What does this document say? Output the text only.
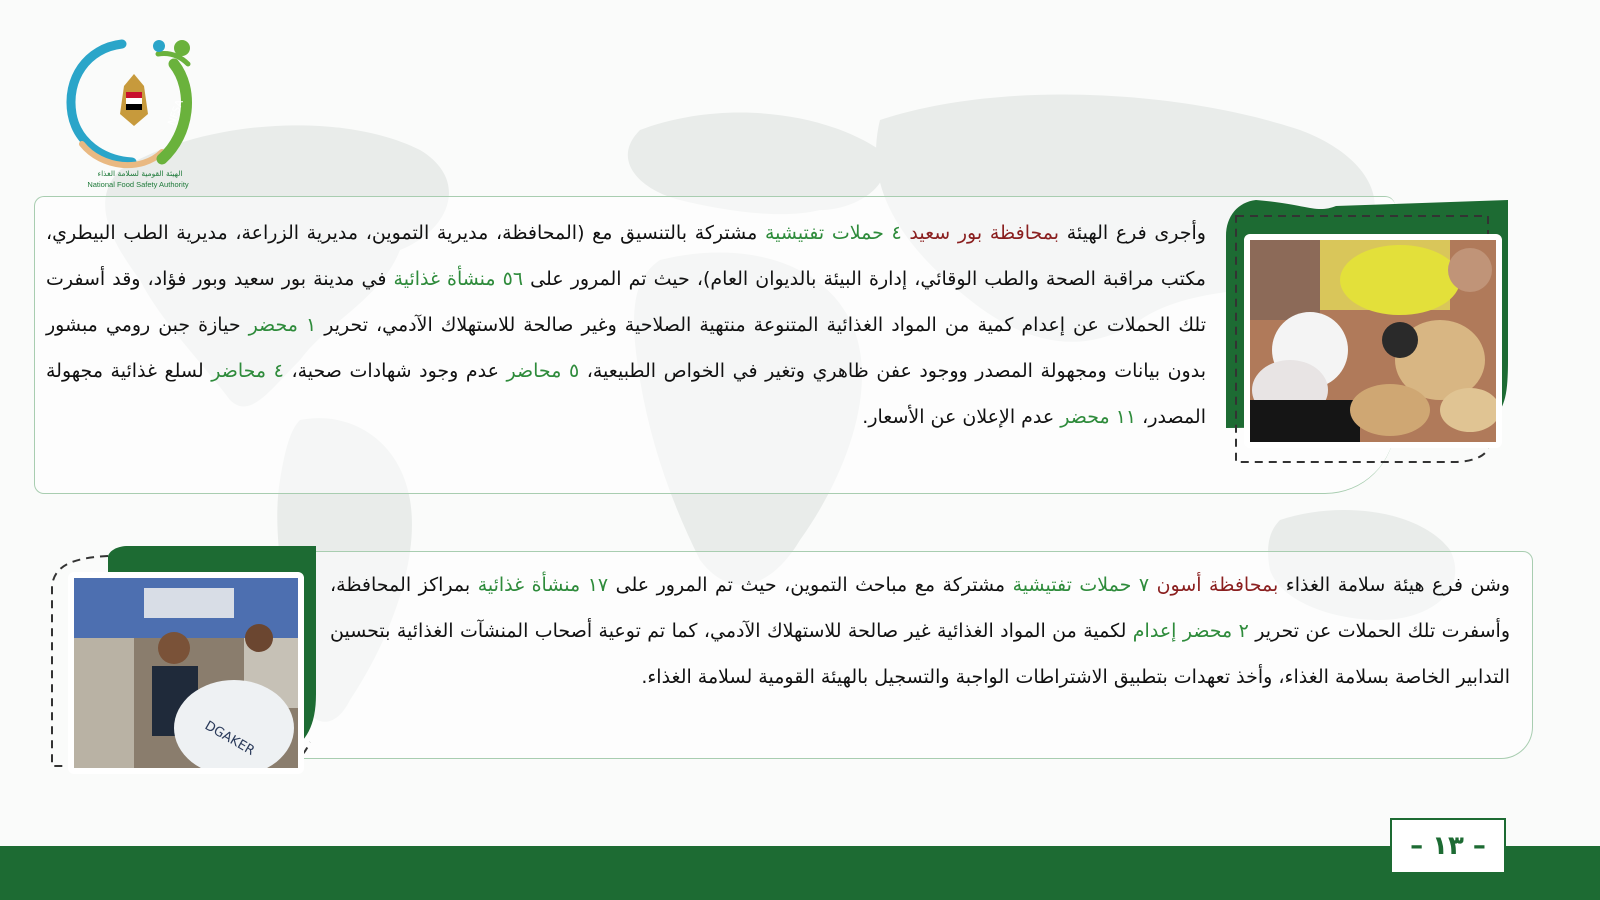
NFSA
الهيئة القومية لسلامة الغذاء
National Food Safety Authority
وأجرى فرع الهيئة بمحافظة بور سعيد ٤ حملات تفتيشية مشتركة بالتنسيق مع (المحافظة، مديرية التموين، مديرية الزراعة، مديرية الطب البيطري، مكتب مراقبة الصحة والطب الوقائي، إدارة البيئة بالديوان العام)، حيث تم المرور على ٥٦ منشأة غذائية في مدينة بور سعيد وبور فؤاد، وقد أسفرت تلك الحملات عن إعدام كمية من المواد الغذائية المتنوعة منتهية الصلاحية وغير صالحة للاستهلاك الآدمي، تحرير ١ محضر حيازة جبن رومي مبشور بدون بيانات ومجهولة المصدر ووجود عفن ظاهري وتغير في الخواص الطبيعية، ٥ محاضر عدم وجود شهادات صحية، ٤ محاضر لسلع غذائية مجهولة المصدر، ١١ محضر عدم الإعلان عن الأسعار.
وشن فرع هيئة سلامة الغذاء بمحافظة أسون ٧ حملات تفتيشية مشتركة مع مباحث التموين، حيث تم المرور على ١٧ منشأة غذائية بمراكز المحافظة، وأسفرت تلك الحملات عن تحرير ٢ محضر إعدام لكمية من المواد الغذائية غير صالحة للاستهلاك الآدمي، كما تم توعية أصحاب المنشآت الغذائية بتحسين التدابير الخاصة بسلامة الغذاء، وأخذ تعهدات بتطبيق الاشتراطات الواجبة والتسجيل بالهيئة القومية لسلامة الغذاء.
DGAKER
– ١٣ –
